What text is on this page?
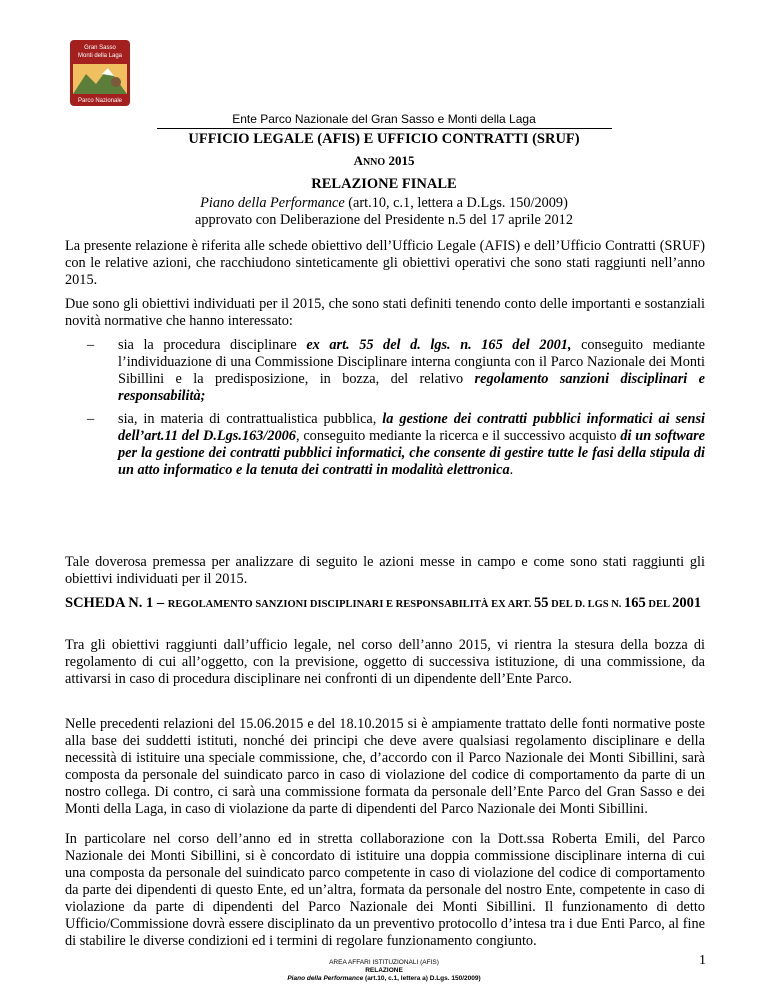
Gran Sasso
Monti della Laga
Parco Nazionale
Ente Parco Nazionale del Gran Sasso e Monti della Laga
UFFICIO LEGALE (AFIS) E UFFICIO CONTRATTI (SRUF)
ANNO 2015
RELAZIONE FINALE
Piano della Performance (art.10, c.1, lettera a D.Lgs. 150/2009)
approvato con Deliberazione del Presidente n.5 del 17 aprile 2012
La presente relazione è riferita alle schede obiettivo dell’Ufficio Legale (AFIS) e dell’Ufficio Contratti (SRUF) con le relative azioni, che racchiudono sinteticamente gli obiettivi operativi che sono stati raggiunti nell’anno 2015.
Due sono gli obiettivi individuati per il 2015, che sono stati definiti tenendo conto delle importanti e sostanziali novità normative che hanno interessato:
– sia la procedura disciplinare ex art. 55 del d. lgs. n. 165 del 2001, conseguito mediante l’individuazione di una Commissione Disciplinare interna congiunta con il Parco Nazionale dei Monti Sibillini e la predisposizione, in bozza, del relativo regolamento sanzioni disciplinari e responsabilità;
– sia, in materia di contrattualistica pubblica, la gestione dei contratti pubblici informatici ai sensi dell’art.11 del D.Lgs.163/2006, conseguito mediante la ricerca e il successivo acquisto di un software per la gestione dei contratti pubblici informatici, che consente di gestire tutte le fasi della stipula di un atto informatico e la tenuta dei contratti in modalità elettronica.
Tale doverosa premessa per analizzare di seguito le azioni messe in campo e come sono stati raggiunti gli obiettivi individuati per il 2015.
SCHEDA N. 1 – REGOLAMENTO SANZIONI DISCIPLINARI E RESPONSABILITÀ EX ART. 55 DEL D. LGS N. 165 DEL 2001
Tra gli obiettivi raggiunti dall’ufficio legale, nel corso dell’anno 2015, vi rientra la stesura della bozza di regolamento di cui all’oggetto, con la previsione, oggetto di successiva istituzione, di una commissione, da attivarsi in caso di procedura disciplinare nei confronti di un dipendente dell’Ente Parco.
Nelle precedenti relazioni del 15.06.2015 e del 18.10.2015 si è ampiamente trattato delle fonti normative poste alla base dei suddetti istituti, nonché dei principi che deve avere qualsiasi regolamento disciplinare e della necessità di istituire una speciale commissione, che, d’accordo con il Parco Nazionale dei Monti Sibillini, sarà composta da personale del suindicato parco in caso di violazione del codice di comportamento da parte di un nostro collega. Di contro, ci sarà una commissione formata da personale dell’Ente Parco del Gran Sasso e dei Monti della Laga, in caso di violazione da parte di dipendenti del Parco Nazionale dei Monti Sibillini.
In particolare nel corso dell’anno ed in stretta collaborazione con la Dott.ssa Roberta Emili, del Parco Nazionale dei Monti Sibillini, si è concordato di istituire una doppia commissione disciplinare interna di cui una composta da personale del suindicato parco competente in caso di violazione del codice di comportamento da parte dei dipendenti di questo Ente, ed un’altra, formata da personale del nostro Ente, competente in caso di violazione da parte di dipendenti del Parco Nazionale dei Monti Sibillini. Il funzionamento di detto Ufficio/Commissione dovrà essere disciplinato da un preventivo protocollo d’intesa tra i due Enti Parco, al fine di stabilire le diverse condizioni ed i termini di regolare funzionamento congiunto.
1
AREA AFFARI ISTITUZIONALI (AFIS)
RELAZIONE
Piano della Performance (art.10, c.1, lettera a) D.Lgs. 150/2009)
